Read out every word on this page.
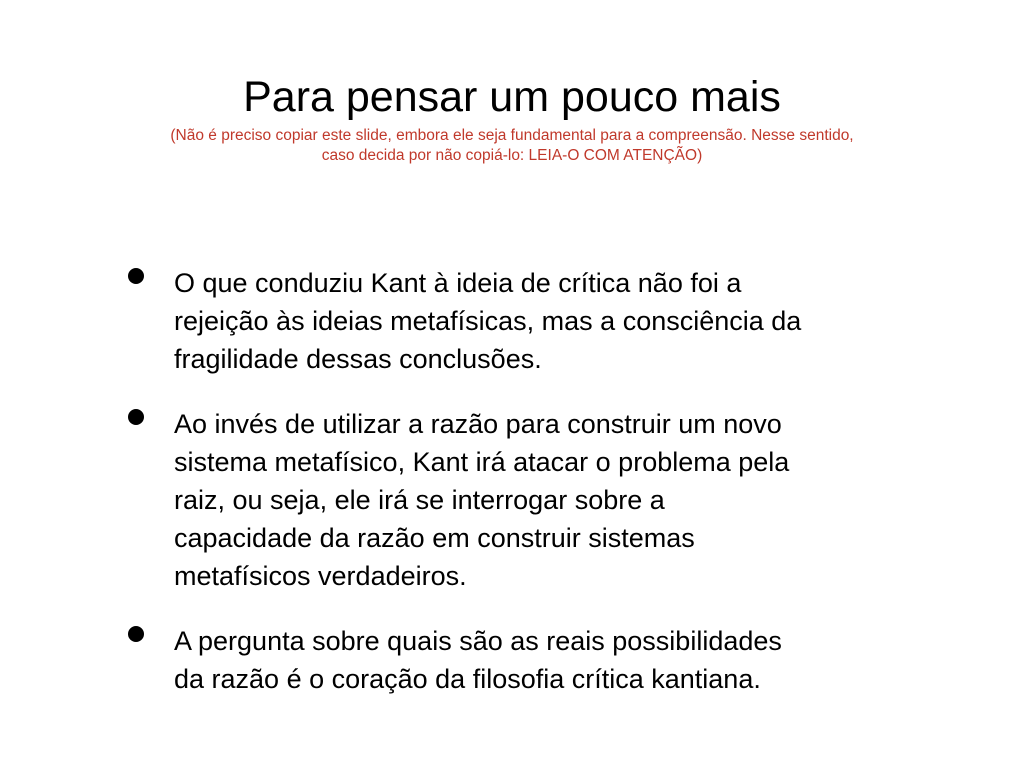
Para pensar um pouco mais

(Não é preciso copiar este slide, embora ele seja fundamental para a compreensão. Nesse sentido,
caso decida por não copiá-lo: LEIA-O COM ATENÇÃO)

O que conduziu Kant à ideia de crítica não foi a
rejeição às ideias metafísicas, mas a consciência da
fragilidade dessas conclusões.
Ao invés de utilizar a razão para construir um novo
sistema metafísico, Kant irá atacar o problema pela
raiz, ou seja, ele irá se interrogar sobre a
capacidade da razão em construir sistemas
metafísicos verdadeiros.
A pergunta sobre quais são as reais possibilidades
da razão é o coração da filosofia crítica kantiana.
